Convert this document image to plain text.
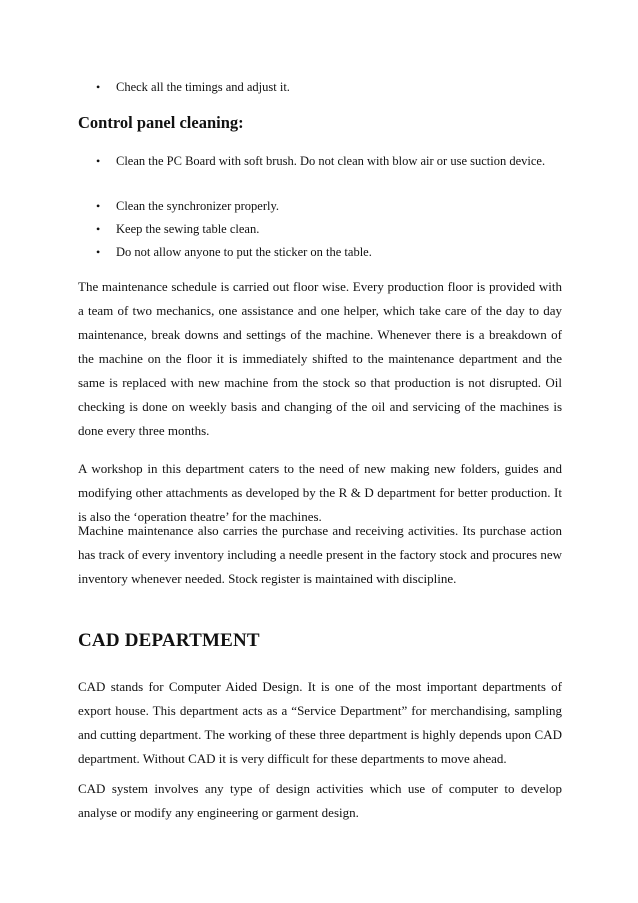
•	Check all the timings and adjust it.
Control panel cleaning:
•	Clean the PC Board with soft brush. Do not clean with blow air or use suction device.
•	Clean the synchronizer properly.
•	Keep the sewing table clean.
•	Do not allow anyone to put the sticker on the table.
The maintenance schedule is carried out floor wise. Every production floor is provided with a team of two mechanics, one assistance and one helper, which take care of the day to day maintenance, break downs and settings of the machine. Whenever there is a breakdown of the machine on the floor it is immediately shifted to the maintenance department and the same is replaced with new machine from the stock so that production is not disrupted. Oil checking is done on weekly basis and changing of the oil and servicing of the machines is done every three months.
A workshop in this department caters to the need of new making new folders, guides and modifying other attachments as developed by the R & D department for better production. It is also the ‘operation theatre’ for the machines.
Machine maintenance also carries the purchase and receiving activities. Its purchase action has track of every inventory including a needle present in the factory stock and procures new inventory whenever needed. Stock register is maintained with discipline.
CAD DEPARTMENT
CAD stands for Computer Aided Design. It is one of the most important departments of export house. This department acts as a “Service Department” for merchandising, sampling and cutting department. The working of these three department is highly depends upon CAD department. Without CAD it is very difficult for these departments to move ahead.
CAD system involves any type of design activities which use of computer to develop analyse or modify any engineering or garment design.
